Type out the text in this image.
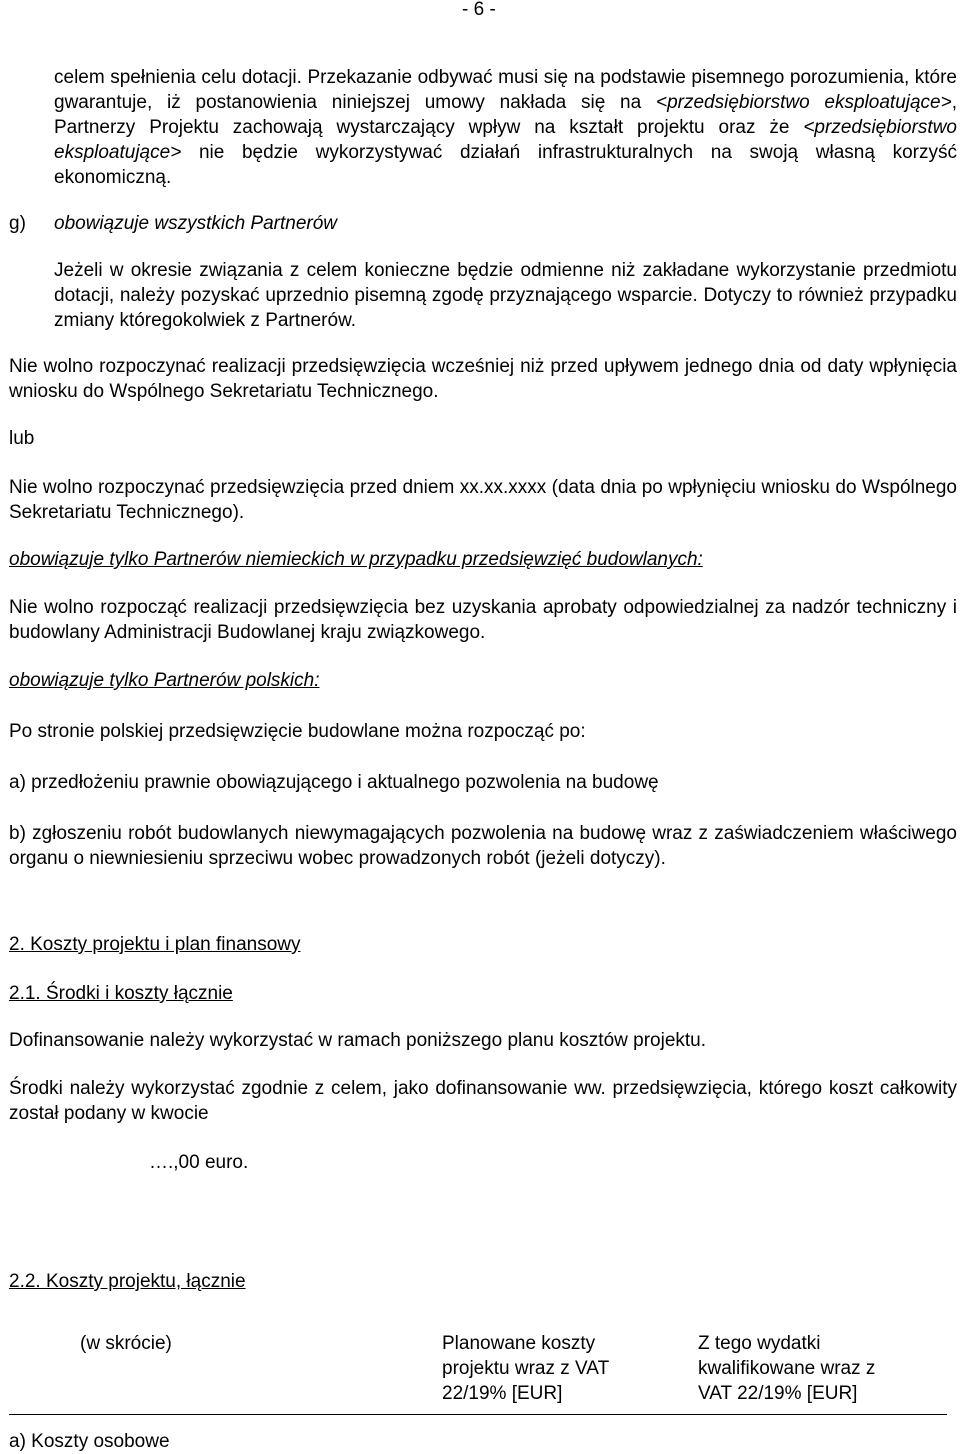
- 6 -

celem spełnienia celu dotacji. Przekazanie odbywać musi się na podstawie pisemnego porozumienia, które gwarantuje, iż postanowienia niniejszej umowy nakłada się na <przedsiębiorstwo eksploatujące>, Partnerzy Projektu zachowają wystarczający wpływ na kształt projektu oraz że <przedsiębiorstwo eksploatujące> nie będzie wykorzystywać działań infrastrukturalnych na swoją własną korzyść ekonomiczną.

g) obowiązuje wszystkich Partnerów

Jeżeli w okresie związania z celem konieczne będzie odmienne niż zakładane wykorzystanie przedmiotu dotacji, należy pozyskać uprzednio pisemną zgodę przyznającego wsparcie. Dotyczy to również przypadku zmiany któregokolwiek z Partnerów.

Nie wolno rozpoczynać realizacji przedsięwzięcia wcześniej niż przed upływem jednego dnia od daty wpłynięcia wniosku do Wspólnego Sekretariatu Technicznego.

lub

Nie wolno rozpoczynać przedsięwzięcia przed dniem xx.xx.xxxx (data dnia po wpłynięciu wniosku do Wspólnego Sekretariatu Technicznego).

obowiązuje tylko Partnerów niemieckich w przypadku przedsięwzięć budowlanych:

Nie wolno rozpocząć realizacji przedsięwzięcia bez uzyskania aprobaty odpowiedzialnej za nadzór techniczny i budowlany Administracji Budowlanej kraju związkowego.

obowiązuje tylko Partnerów polskich:
Po stronie polskiej przedsięwzięcie budowlane można rozpocząć po:
a) przedłożeniu prawnie obowiązującego i aktualnego pozwolenia na budowę

b) zgłoszeniu robót budowlanych niewymagających pozwolenia na budowę wraz z zaświadczeniem właściwego organu o niewniesieniu sprzeciwu wobec prowadzonych robót (jeżeli dotyczy).

2. Koszty projektu i plan finansowy
2.1. Środki i koszty łącznie
Dofinansowanie należy wykorzystać w ramach poniższego planu kosztów projektu.

Środki należy wykorzystać zgodnie z celem, jako dofinansowanie ww. przedsięwzięcia, którego koszt całkowity został podany w kwocie

….,00 euro.
2.2. Koszty projektu, łącznie
(w skrócie)	Planowane koszty
projektu wraz z VAT
22/19% [EUR]
Z tego wydatki
kwalifikowane wraz z
VAT 22/19% [EUR]
a) Koszty osobowe
